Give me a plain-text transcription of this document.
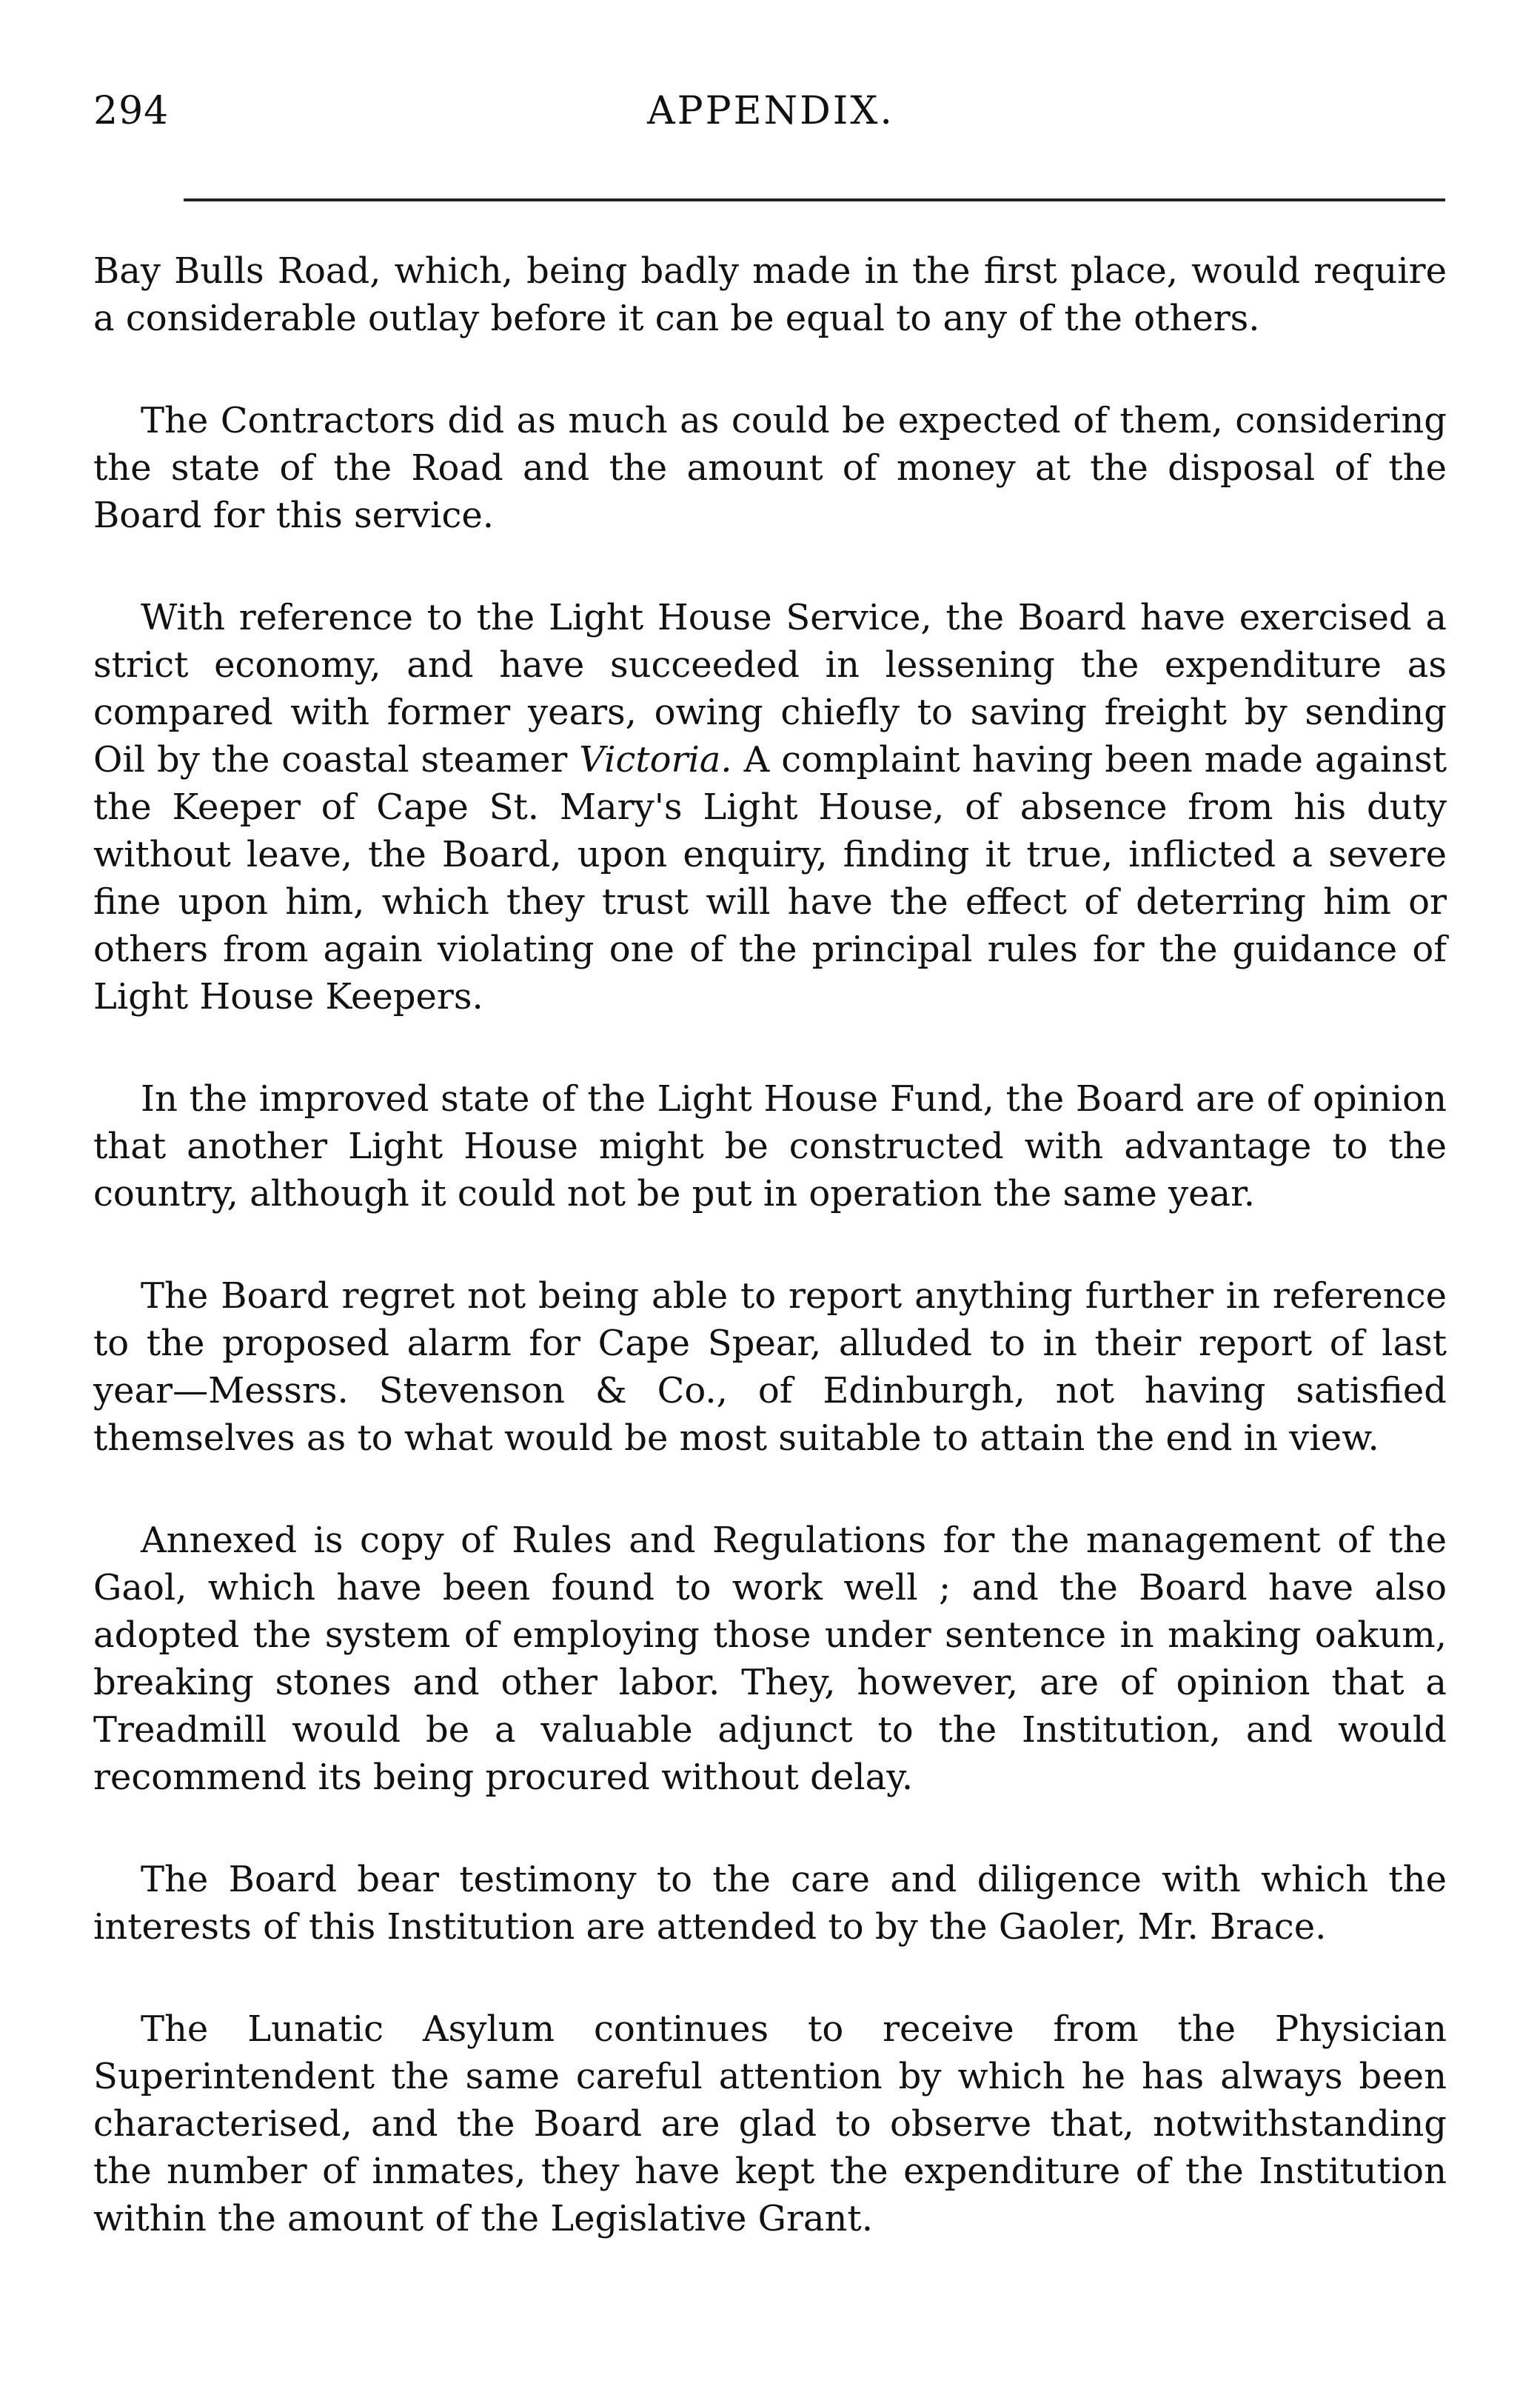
294	APPENDIX.

Bay Bulls Road, which, being badly made in the first place, would require a considerable outlay before it can be equal to any of the others.

The Contractors did as much as could be expected of them, considering the state of the Road and the amount of money at the disposal of the Board for this service.

With reference to the Light House Service, the Board have exercised a strict economy, and have succeeded in lessening the expenditure as compared with former years, owing chiefly to saving freight by sending Oil by the coastal steamer Victoria. A complaint having been made against the Keeper of Cape St. Mary's Light House, of absence from his duty without leave, the Board, upon enquiry, finding it true, inflicted a severe fine upon him, which they trust will have the effect of deterring him or others from again violating one of the principal rules for the guidance of Light House Keepers.

In the improved state of the Light House Fund, the Board are of opinion that another Light House might be constructed with advantage to the country, although it could not be put in operation the same year.

The Board regret not being able to report anything further in reference to the proposed alarm for Cape Spear, alluded to in their report of last year—Messrs. Stevenson & Co., of Edinburgh, not having satisfied themselves as to what would be most suitable to attain the end in view.

Annexed is copy of Rules and Regulations for the management of the Gaol, which have been found to work well ; and the Board have also adopted the system of employing those under sentence in making oakum, breaking stones and other labor. They, however, are of opinion that a Treadmill would be a valuable adjunct to the Institution, and would recommend its being procured without delay.

The Board bear testimony to the care and diligence with which the interests of this Institution are attended to by the Gaoler, Mr. Brace.

The Lunatic Asylum continues to receive from the Physician Superintendent the same careful attention by which he has always been characterised, and the Board are glad to observe that, notwithstanding the number of inmates, they have kept the expenditure of the Institution within the amount of the Legislative Grant.
